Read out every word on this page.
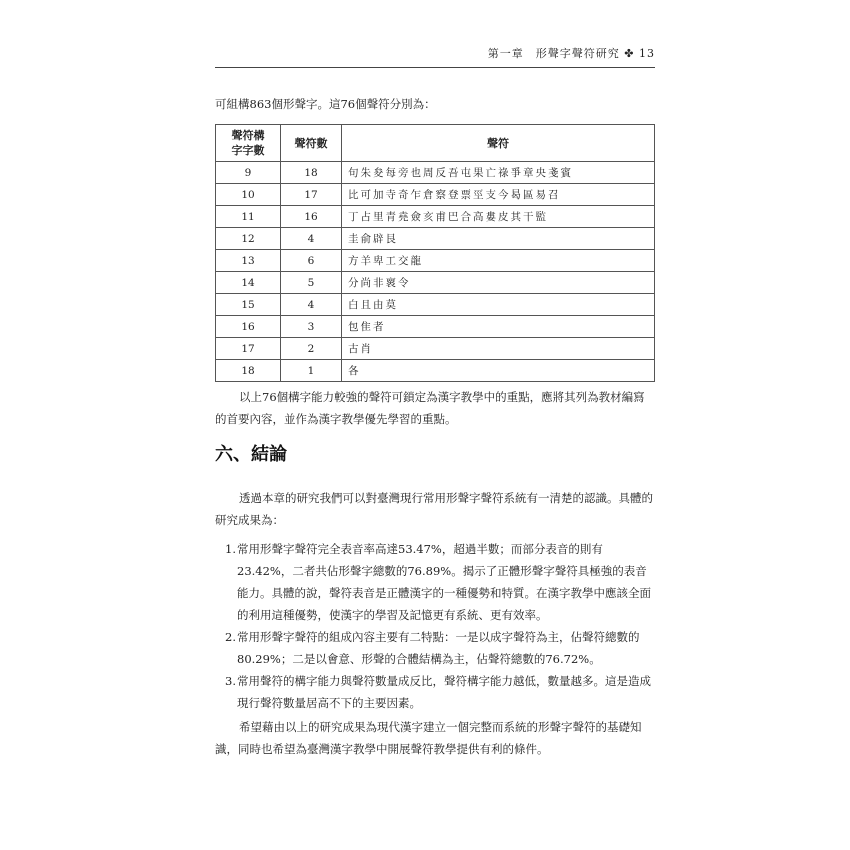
第一章 形聲字聲符研究 ✤ 13
可組構863個形聲字。這76個聲符分別為：
聲符構
字字數	聲符數	聲符
9	18	句朱夋每旁也周反吾屯果亡祿爭章央戔賓
10	17	比可加寺奇乍倉察登票巠支今曷區易召
11	16	丁占里青堯僉亥甫巴合高婁皮其干監
12	4	圭俞辟艮
13	6	方羊卑工交龍
14	5	分尚非褱令
15	4	白且由莫
16	3	包隹者
17	2	古肖
18	1	各

以上76個構字能力較強的聲符可鎖定為漢字教學中的重點，應將其列為教材編寫的首要內容，並作為漢字教學優先學習的重點。

六、結論

透過本章的研究我們可以對臺灣現行常用形聲字聲符系統有一清楚的認識。具體的研究成果為：

1. 常用形聲字聲符完全表音率高達53.47%，超過半數；而部分表音的則有23.42%，二者共佔形聲字總數的76.89%。揭示了正體形聲字聲符具極強的表音能力。具體的說，聲符表音是正體漢字的一種優勢和特質。在漢字教學中應該全面的利用這種優勢，使漢字的學習及記憶更有系統、更有效率。
2. 常用形聲字聲符的組成內容主要有二特點：一是以成字聲符為主，佔聲符總數的80.29%；二是以會意、形聲的合體結構為主，佔聲符總數的76.72%。
3. 常用聲符的構字能力與聲符數量成反比，聲符構字能力越低，數量越多。這是造成現行聲符數量居高不下的主要因素。

希望藉由以上的研究成果為現代漢字建立一個完整而系統的形聲字聲符的基礎知識，同時也希望為臺灣漢字教學中開展聲符教學提供有利的條件。
